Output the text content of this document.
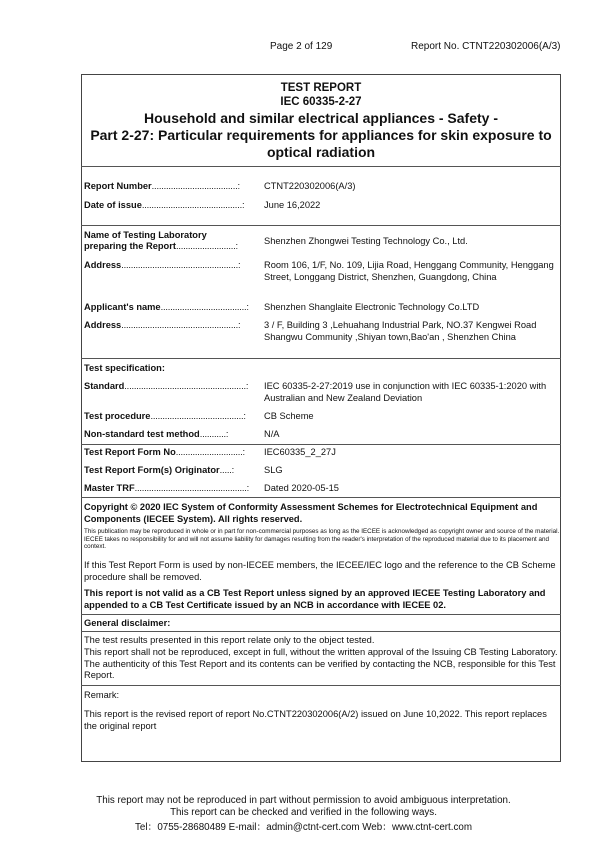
Page 2 of 129	Report No. CTNT220302006(A/3)
TEST REPORT
IEC 60335-2-27
Household and similar electrical appliances - Safety -
Part 2-27: Particular requirements for appliances for skin exposure to
optical radiation
Report Number....................................:	CTNT220302006(A/3)
Date of issue..........................................: June 16,2022
Name of Testing Laboratory
preparing the Report.........................:	Shenzhen Zhongwei Testing Technology Co., Ltd.
Address.................................................:	Room 106, 1/F, No. 109, Lijia Road, Henggang Community, Henggang Street, Longgang District, Shenzhen, Guangdong, China
Applicant's name....................................: Shenzhen Shanglaite Electronic Technology Co.LTD
Address.................................................:	3 / F, Building 3 ,Lehuahang Industrial Park, NO.37 Kengwei Road Shangwu Community ,Shiyan town,Bao'an , Shenzhen China
Test specification:
Standard...................................................: IEC 60335-2-27:2019 use in conjunction with IEC 60335-1:2020 with Australian and New Zealand Deviation
Test procedure.......................................: CB Scheme
Non-standard test method...........:	N/A
Test Report Form No............................: IEC60335_2_27J
Test Report Form(s) Originator.....:	SLG
Master TRF...............................................: Dated 2020-05-15
Copyright © 2020 IEC System of Conformity Assessment Schemes for Electrotechnical Equipment and Components (IECEE System). All rights reserved.
This publication may be reproduced in whole or in part for non-commercial purposes as long as the IECEE is acknowledged as copyright owner and source of the material. IECEE takes no responsibility for and will not assume liability for damages resulting from the reader's interpretation of the reproduced material due to its placement and context.
If this Test Report Form is used by non-IECEE members, the IECEE/IEC logo and the reference to the CB Scheme procedure shall be removed.
This report is not valid as a CB Test Report unless signed by an approved IECEE Testing Laboratory and appended to a CB Test Certificate issued by an NCB in accordance with IECEE 02.
General disclaimer:
The test results presented in this report relate only to the object tested.
This report shall not be reproduced, except in full, without the written approval of the Issuing CB Testing Laboratory. The authenticity of this Test Report and its contents can be verified by contacting the NCB, responsible for this Test Report.
Remark:
This report is the revised report of report No.CTNT220302006(A/2) issued on June 10,2022. This report replaces the original report
This report may not be reproduced in part without permission to avoid ambiguous interpretation.
This report can be checked and verified in the following ways.
Tel：0755-28680489 E-mail：admin@ctnt-cert.com Web：www.ctnt-cert.com
